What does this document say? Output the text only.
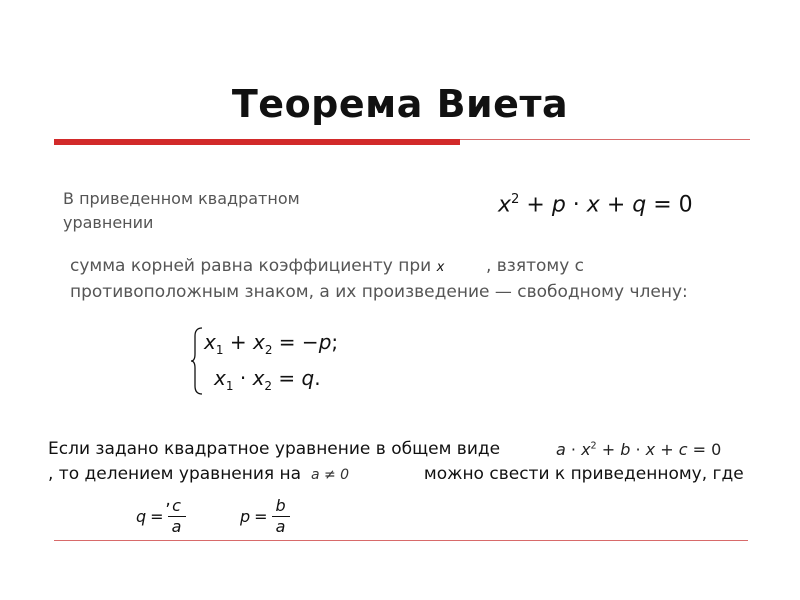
Теорема Виета
В приведенном квадратном уравнении
$x^2 + p \cdot x + q = 0$
сумма корней равна коэффициенту при x , взятому с противоположным знаком, а их произведение — свободному члену:
$x_1 + x_2 = -p$;
$x_1 \cdot x_2 = q$.
Если задано квадратное уравнение в общем виде
, то делением уравнения на  a ≠ 0	можно свести к приведенному, где  ,
$a \cdot x^2 + b \cdot x + c = 0$
$q = \frac{c}{a}$	$p = \frac{b}{a}$
